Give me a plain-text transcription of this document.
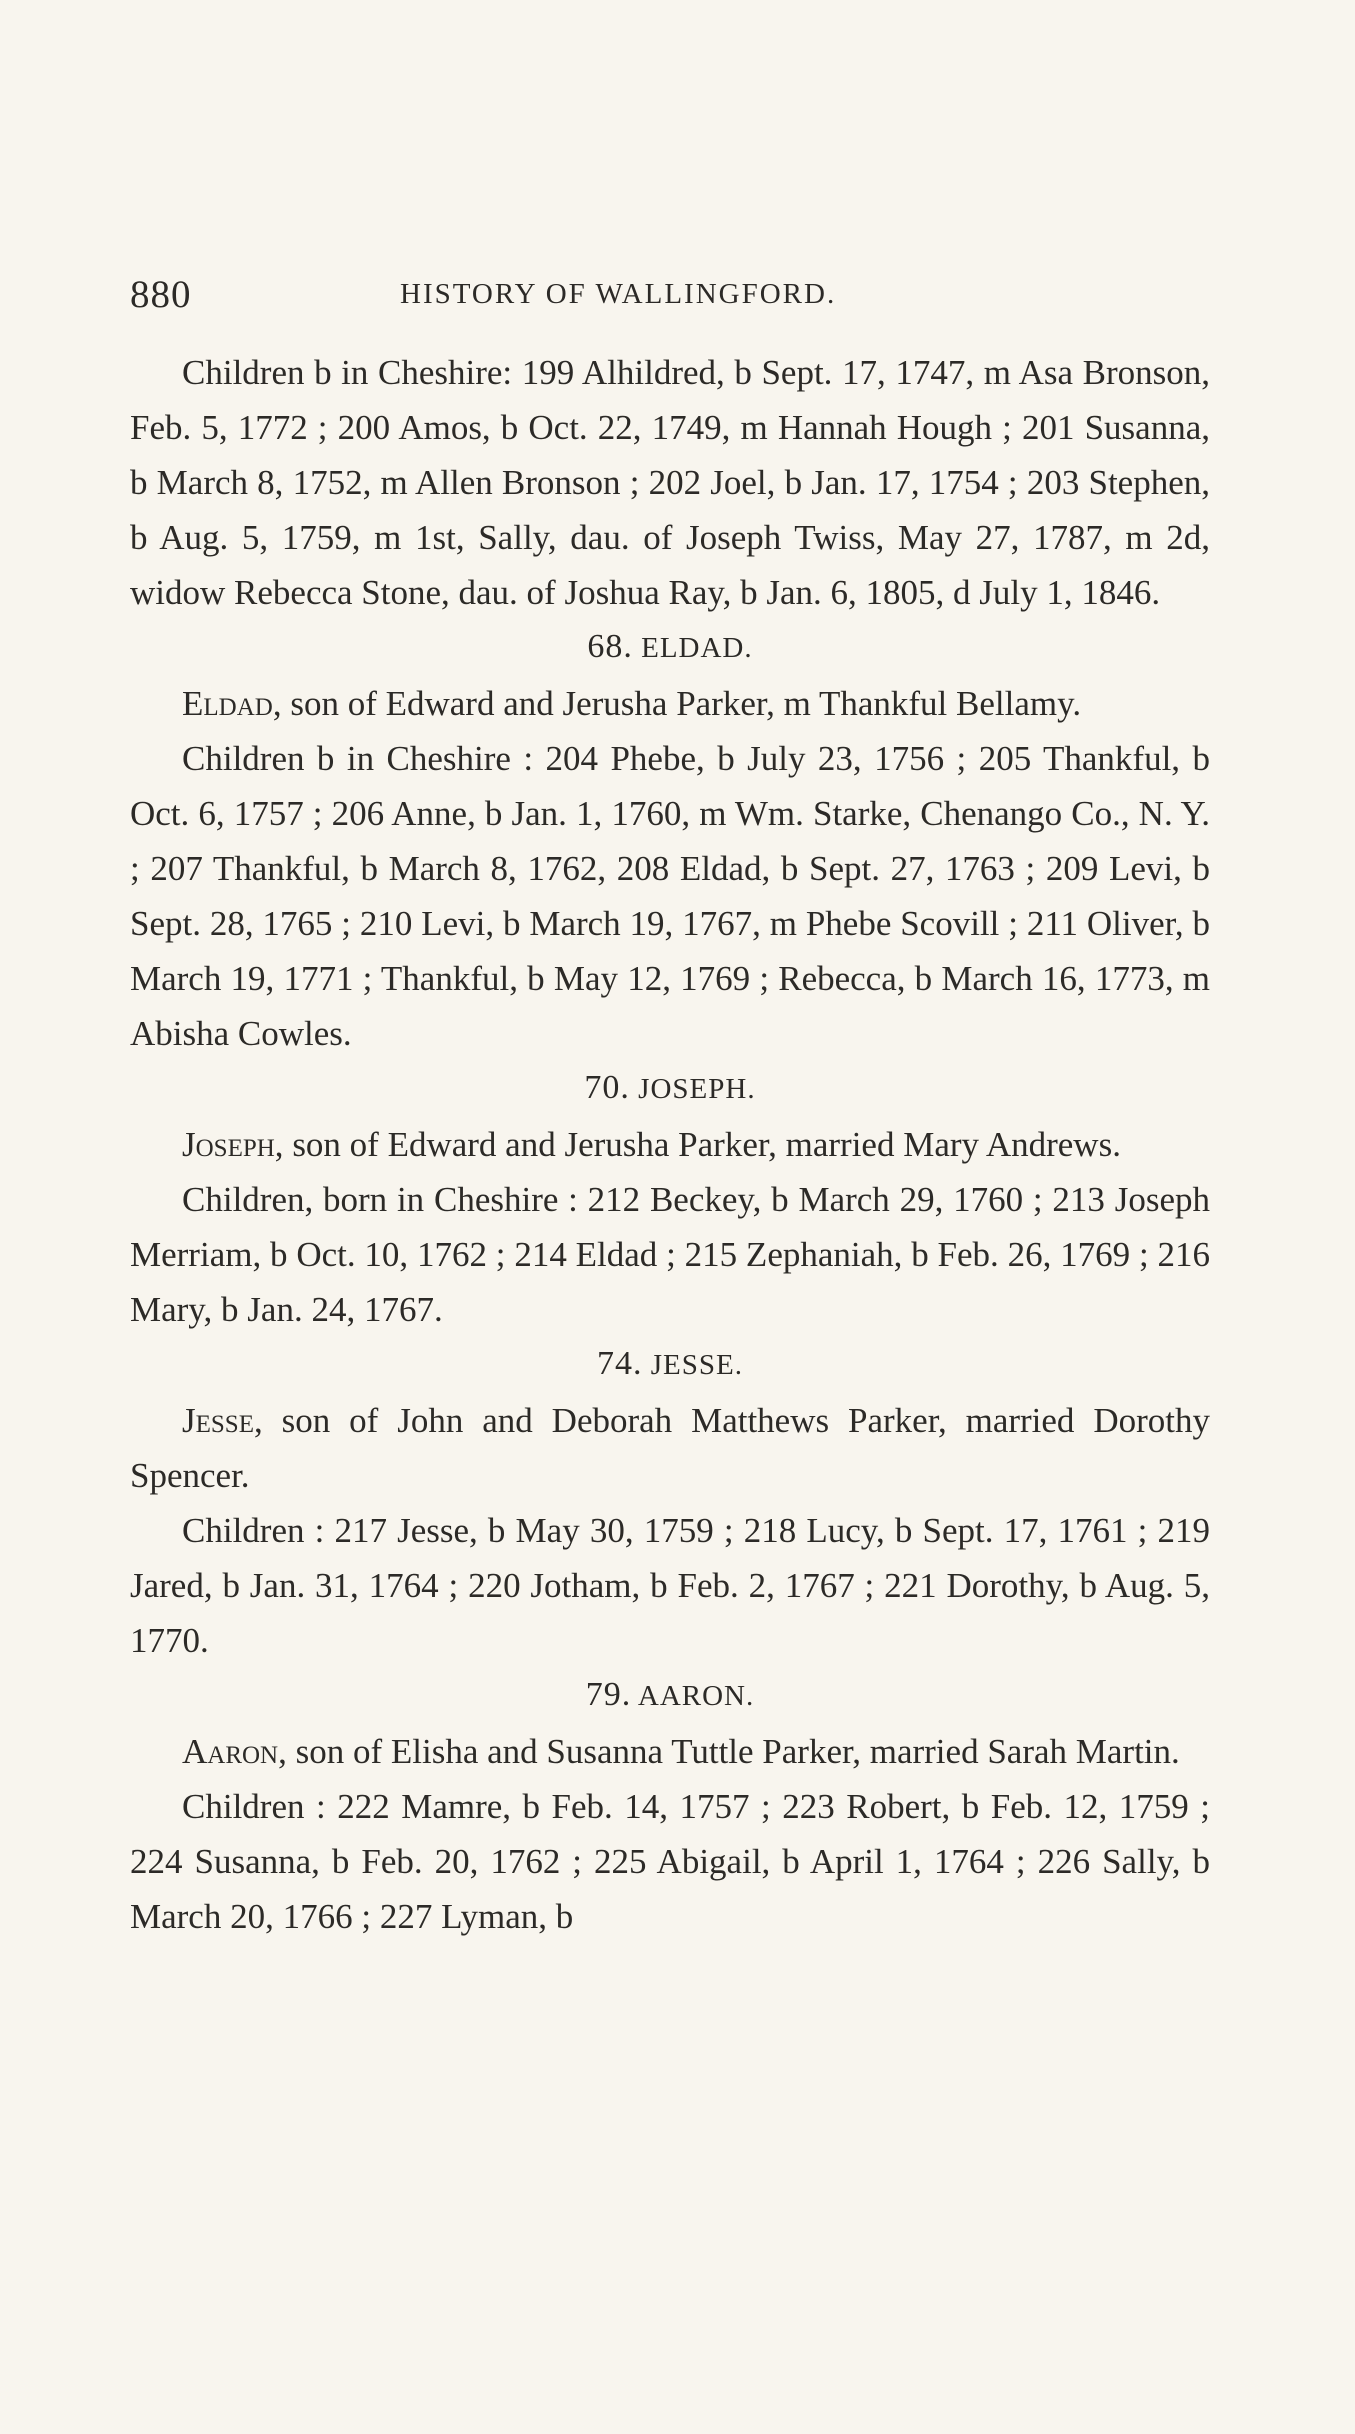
880	HISTORY OF WALLINGFORD.

Children b in Cheshire: 199 Alhildred, b Sept. 17, 1747, m Asa Bronson, Feb. 5, 1772 ; 200 Amos, b Oct. 22, 1749, m Hannah Hough ; 201 Susanna, b March 8, 1752, m Allen Bronson ; 202 Joel, b Jan. 17, 1754 ; 203 Stephen, b Aug. 5, 1759, m 1st, Sally, dau. of Joseph Twiss, May 27, 1787, m 2d, widow Rebecca Stone, dau. of Joshua Ray, b Jan. 6, 1805, d July 1, 1846.

68. ELDAD.

Eldad, son of Edward and Jerusha Parker, m Thankful Bellamy.

Children b in Cheshire : 204 Phebe, b July 23, 1756 ; 205 Thankful, b Oct. 6, 1757 ; 206 Anne, b Jan. 1, 1760, m Wm. Starke, Chenango Co., N. Y. ; 207 Thankful, b March 8, 1762, 208 Eldad, b Sept. 27, 1763 ; 209 Levi, b Sept. 28, 1765 ; 210 Levi, b March 19, 1767, m Phebe Scovill ; 211 Oliver, b March 19, 1771 ; Thankful, b May 12, 1769 ; Rebecca, b March 16, 1773, m Abisha Cowles.

70. JOSEPH.

Joseph, son of Edward and Jerusha Parker, married Mary Andrews.

Children, born in Cheshire : 212 Beckey, b March 29, 1760 ; 213 Joseph Merriam, b Oct. 10, 1762 ; 214 Eldad ; 215 Zephaniah, b Feb. 26, 1769 ; 216 Mary, b Jan. 24, 1767.

74. JESSE.

Jesse, son of John and Deborah Matthews Parker, married Dorothy Spencer.

Children : 217 Jesse, b May 30, 1759 ; 218 Lucy, b Sept. 17, 1761 ; 219 Jared, b Jan. 31, 1764 ; 220 Jotham, b Feb. 2, 1767 ; 221 Dorothy, b Aug. 5, 1770.

79. AARON.

Aaron, son of Elisha and Susanna Tuttle Parker, married Sarah Martin.

Children : 222 Mamre, b Feb. 14, 1757 ; 223 Robert, b Feb. 12, 1759 ; 224 Susanna, b Feb. 20, 1762 ; 225 Abigail, b April 1, 1764 ; 226 Sally, b March 20, 1766 ; 227 Lyman, b
